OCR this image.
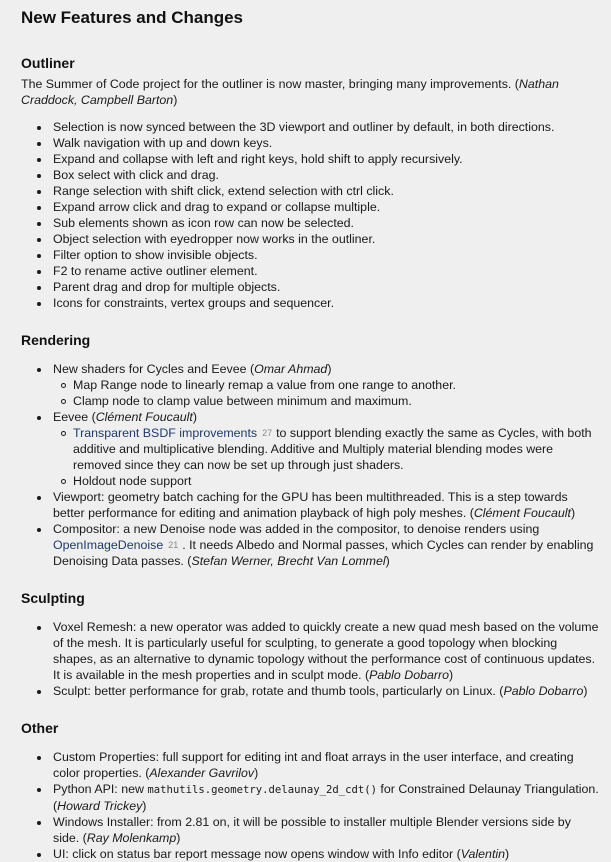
New Features and Changes
Outliner

The Summer of Code project for the outliner is now master, bringing many improvements. (Nathan Craddock, Campbell Barton)

Selection is now synced between the 3D viewport and outliner by default, in both directions.
Walk navigation with up and down keys.
Expand and collapse with left and right keys, hold shift to apply recursively.
Box select with click and drag.
Range selection with shift click, extend selection with ctrl click.
Expand arrow click and drag to expand or collapse multiple.
Sub elements shown as icon row can now be selected.
Object selection with eyedropper now works in the outliner.
Filter option to show invisible objects.
F2 to rename active outliner element.
Parent drag and drop for multiple objects.
Icons for constraints, vertex groups and sequencer.
Rendering
New shaders for Cycles and Eevee (Omar Ahmad)
Map Range node to linearly remap a value from one range to another.
Clamp node to clamp value between minimum and maximum.
Eevee (Clément Foucault)
Transparent BSDF improvements 27 to support blending exactly the same as Cycles, with both additive and multiplicative blending. Additive and Multiply material blending modes were removed since they can now be set up through just shaders.
Holdout node support
Viewport: geometry batch caching for the GPU has been multithreaded. This is a step towards better performance for editing and animation playback of high poly meshes. (Clément Foucault)
Compositor: a new Denoise node was added in the compositor, to denoise renders using OpenImageDenoise 21 . It needs Albedo and Normal passes, which Cycles can render by enabling Denoising Data passes. (Stefan Werner, Brecht Van Lommel)
Sculpting
Voxel Remesh: a new operator was added to quickly create a new quad mesh based on the volume of the mesh. It is particularly useful for sculpting, to generate a good topology when blocking shapes, as an alternative to dynamic topology without the performance cost of continuous updates. It is available in the mesh properties and in sculpt mode. (Pablo Dobarro)
Sculpt: better performance for grab, rotate and thumb tools, particularly on Linux. (Pablo Dobarro)
Other
Custom Properties: full support for editing int and float arrays in the user interface, and creating color properties. (Alexander Gavrilov)
Python API: new mathutils.geometry.delaunay_2d_cdt() for Constrained Delaunay Triangulation. (Howard Trickey)
Windows Installer: from 2.81 on, it will be possible to installer multiple Blender versions side by side. (Ray Molenkamp)
UI: click on status bar report message now opens window with Info editor (Valentin)
